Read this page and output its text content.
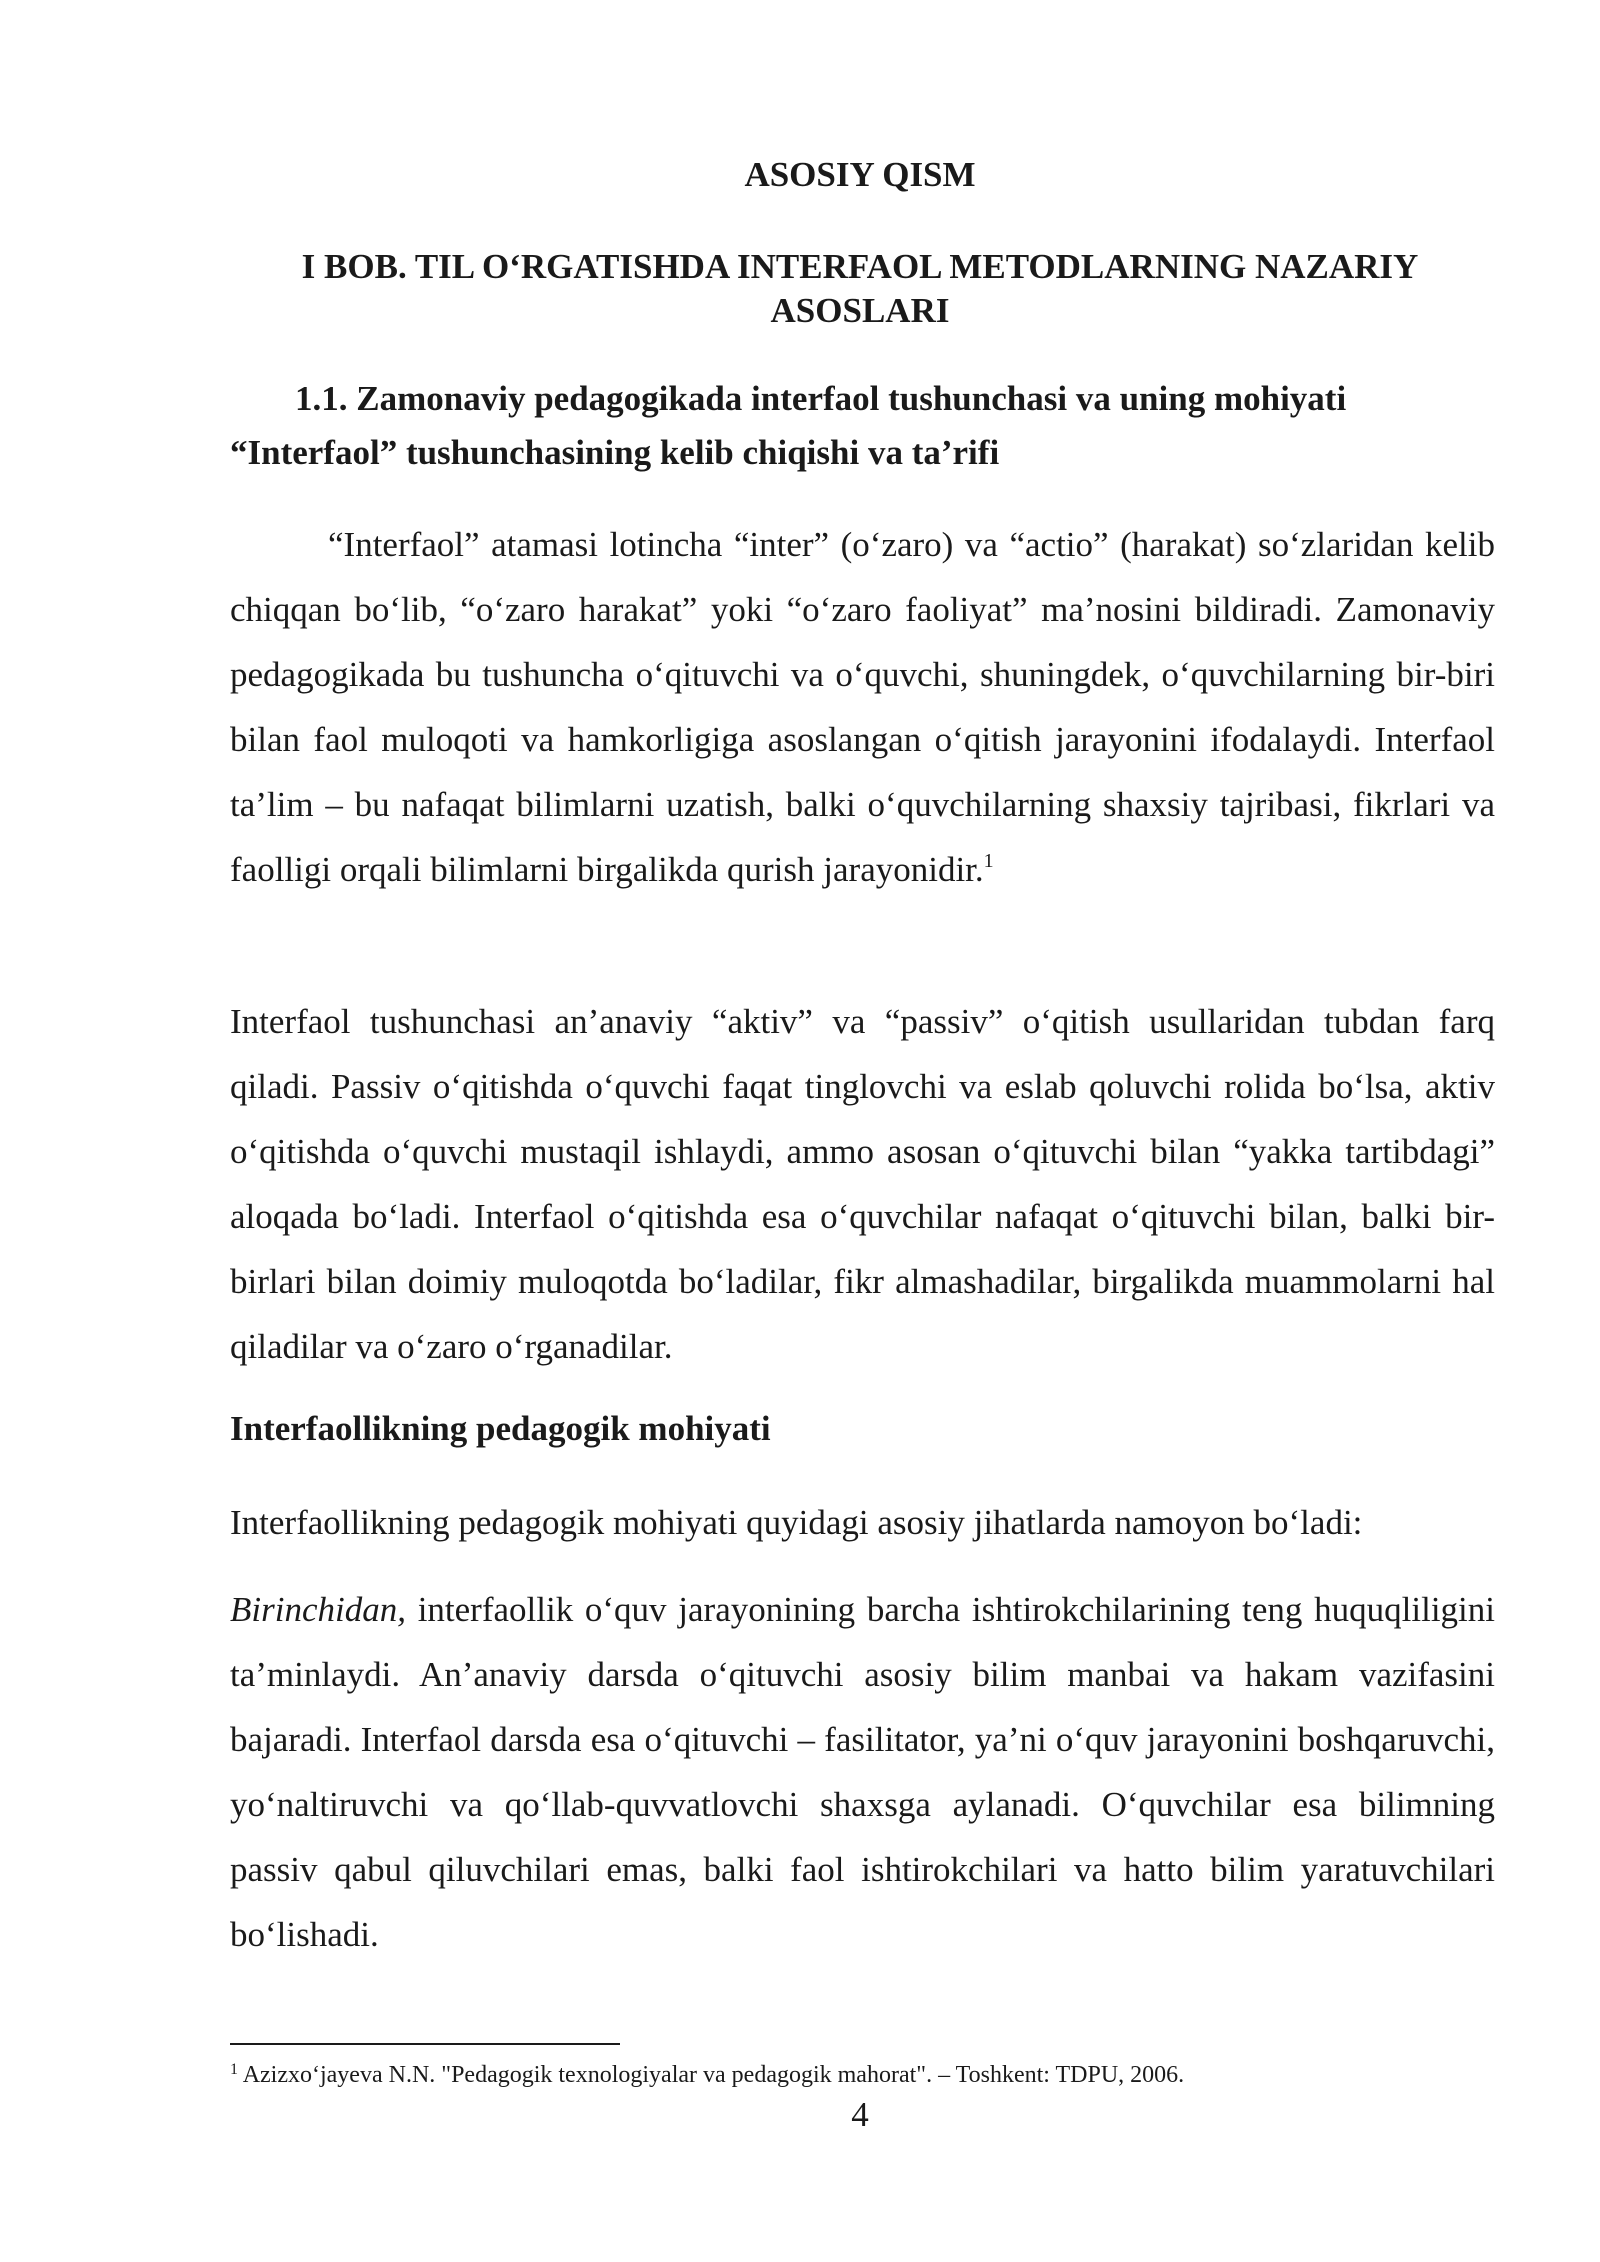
ASOSIY QISM
I BOB. TIL O‘RGATISHDA INTERFAOL METODLARNING NAZARIY ASOSLARI
1.1. Zamonaviy pedagogikada interfaol tushunchasi va uning mohiyati
“Interfaol” tushunchasining kelib chiqishi va ta’rifi

“Interfaol” atamasi lotincha “inter” (o‘zaro) va “actio” (harakat) so‘zlaridan kelib chiqqan bo‘lib, “o‘zaro harakat” yoki “o‘zaro faoliyat” ma’nosini bildiradi. Zamonaviy pedagogikada bu tushuncha o‘qituvchi va o‘quvchi, shuningdek, o‘quvchilarning bir-biri bilan faol muloqoti va hamkorligiga asoslangan o‘qitish jarayonini ifodalaydi. Interfaol ta’lim – bu nafaqat bilimlarni uzatish, balki o‘quvchilarning shaxsiy tajribasi, fikrlari va faolligi orqali bilimlarni birgalikda qurish jarayonidir.$^1$

Interfaol tushunchasi an’anaviy “aktiv” va “passiv” o‘qitish usullaridan tubdan farq qiladi. Passiv o‘qitishda o‘quvchi faqat tinglovchi va eslab qoluvchi rolida bo‘lsa, aktiv o‘qitishda o‘quvchi mustaqil ishlaydi, ammo asosan o‘qituvchi bilan “yakka tartibdagi” aloqada bo‘ladi. Interfaol o‘qitishda esa o‘quvchilar nafaqat o‘qituvchi bilan, balki bir-birlari bilan doimiy muloqotda bo‘ladilar, fikr almashadilar, birgalikda muammolarni hal qiladilar va o‘zaro o‘rganadilar.

Interfaollikning pedagogik mohiyati

Interfaollikning pedagogik mohiyati quyidagi asosiy jihatlarda namoyon bo‘ladi:

Birinchidan, interfaollik o‘quv jarayonining barcha ishtirokchilarining teng huquqliligini ta’minlaydi. An’anaviy darsda o‘qituvchi asosiy bilim manbai va hakam vazifasini bajaradi. Interfaol darsda esa o‘qituvchi – fasilitator, ya’ni o‘quv jarayonini boshqaruvchi, yo‘naltiruvchi va qo‘llab-quvvatlovchi shaxsga aylanadi. O‘quvchilar esa bilimning passiv qabul qiluvchilari emas, balki faol ishtirokchilari va hatto bilim yaratuvchilari bo‘lishadi.

$^1$ Azizxo‘jayeva N.N. "Pedagogik texnologiyalar va pedagogik mahorat". – Toshkent: TDPU, 2006.

4
